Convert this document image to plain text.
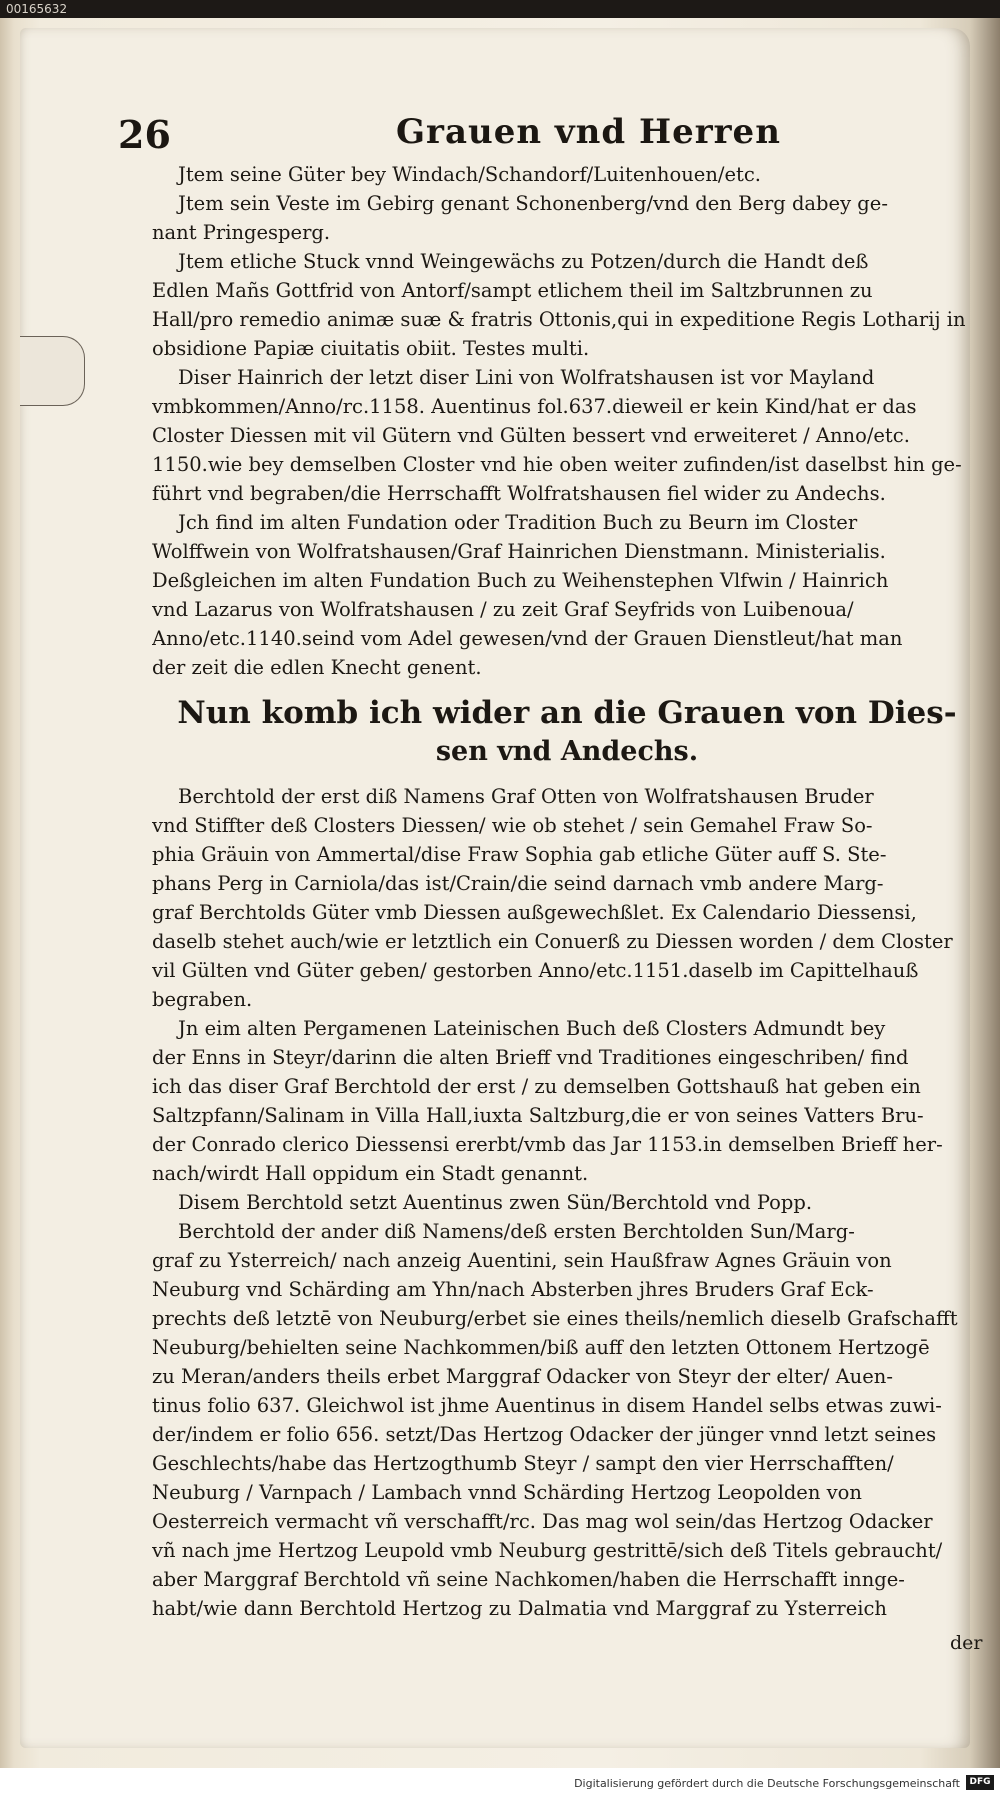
00165632
26	Grauen vnd Herren
Jtem seine Güter bey Windach/Schandorf/Luitenhouen/etc.
Jtem sein Veste im Gebirg genant Schonenberg/vnd den Berg dabey ge-
nant Pringesperg.
Jtem etliche Stuck vnnd Weingewächs zu Potzen/durch die Handt deß
Edlen Mañs Gottfrid von Antorf/sampt etlichem theil im Saltzbrunnen zu
Hall/pro remedio animæ suæ & fratris Ottonis,qui in expeditione Regis Lotharij in
obsidione Papiæ ciuitatis obiit. Testes multi.
Diser Hainrich der letzt diser Lini von Wolfratshausen ist vor Mayland
vmbkommen/Anno/rc.1158. Auentinus fol.637.dieweil er kein Kind/hat er das
Closter Diessen mit vil Gütern vnd Gülten bessert vnd erweiteret / Anno/etc.
1150.wie bey demselben Closter vnd hie oben weiter zufinden/ist daselbst hin ge-
führt vnd begraben/die Herrschafft Wolfratshausen fiel wider zu Andechs.
Jch find im alten Fundation oder Tradition Buch zu Beurn im Closter
Wolffwein von Wolfratshausen/Graf Hainrichen Dienstmann. Ministerialis.
Deßgleichen im alten Fundation Buch zu Weihenstephen Vlfwin / Hainrich
vnd Lazarus von Wolfratshausen / zu zeit Graf Seyfrids von Luibenoua/
Anno/etc.1140.seind vom Adel gewesen/vnd der Grauen Dienstleut/hat man
der zeit die edlen Knecht genent.
Nun komb ich wider an die Grauen von Dies-
sen vnd Andechs.
Berchtold der erst diß Namens Graf Otten von Wolfratshausen Bruder
vnd Stiffter deß Closters Diessen/ wie ob stehet / sein Gemahel Fraw So-
phia Gräuin von Ammertal/dise Fraw Sophia gab etliche Güter auff S. Ste-
phans Perg in Carniola/das ist/Crain/die seind darnach vmb andere Marg-
graf Berchtolds Güter vmb Diessen außgewechßlet. Ex Calendario Diessensi,
daselb stehet auch/wie er letztlich ein Conuerß zu Diessen worden / dem Closter
vil Gülten vnd Güter geben/ gestorben Anno/etc.1151.daselb im Capittelhauß
begraben.
Jn eim alten Pergamenen Lateinischen Buch deß Closters Admundt bey
der Enns in Steyr/darinn die alten Brieff vnd Traditiones eingeschriben/ find
ich das diser Graf Berchtold der erst / zu demselben Gottshauß hat geben ein
Saltzpfann/Salinam in Villa Hall,iuxta Saltzburg,die er von seines Vatters Bru-
der Conrado clerico Diessensi ererbt/vmb das Jar 1153.in demselben Brieff her-
nach/wirdt Hall oppidum ein Stadt genannt.
Disem Berchtold setzt Auentinus zwen Sün/Berchtold vnd Popp.
Berchtold der ander diß Namens/deß ersten Berchtolden Sun/Marg-
graf zu Ysterreich/ nach anzeig Auentini, sein Haußfraw Agnes Gräuin von
Neuburg vnd Schärding am Yhn/nach Absterben jhres Bruders Graf Eck-
prechts deß letztē von Neuburg/erbet sie eines theils/nemlich dieselb Grafschafft
Neuburg/behielten seine Nachkommen/biß auff den letzten Ottonem Hertzogē
zu Meran/anders theils erbet Marggraf Odacker von Steyr der elter/ Auen-
tinus folio 637. Gleichwol ist jhme Auentinus in disem Handel selbs etwas zuwi-
der/indem er folio 656. setzt/Das Hertzog Odacker der jünger vnnd letzt seines
Geschlechts/habe das Hertzogthumb Steyr / sampt den vier Herrschafften/
Neuburg / Varnpach / Lambach vnnd Schärding Hertzog Leopolden von
Oesterreich vermacht vñ verschafft/rc. Das mag wol sein/das Hertzog Odacker
vñ nach jme Hertzog Leupold vmb Neuburg gestrittē/sich deß Titels gebraucht/
aber Marggraf Berchtold vñ seine Nachkomen/haben die Herrschafft innge-
habt/wie dann Berchtold Hertzog zu Dalmatia vnd Marggraf zu Ysterreich
der
Digitalisierung gefördert durch die Deutsche Forschungsgemeinschaft	DFG
